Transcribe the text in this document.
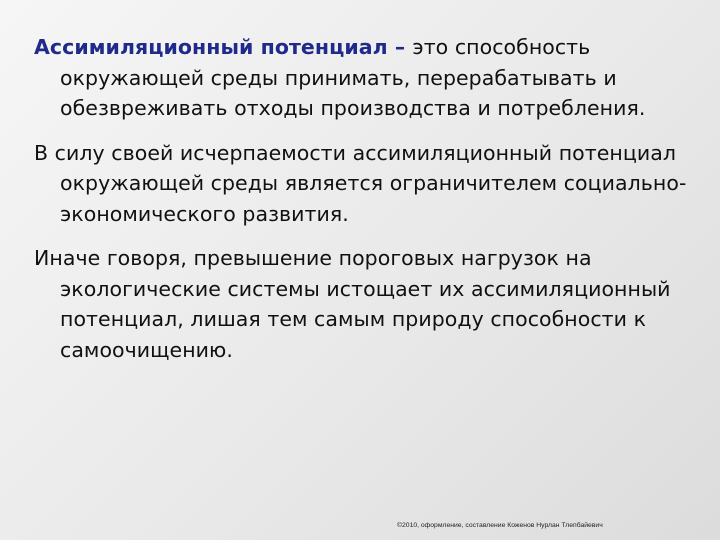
Ассимиляционный потенциал – это способность окружающей среды принимать, перерабатывать и обезвреживать отходы производства и потребления.

В силу своей исчерпаемости ассимиляционный потенциал окружающей среды является ограничителем социально-экономического развития.

Иначе говоря, превышение пороговых нагрузок на экологические системы истощает их ассимиляционный потенциал, лишая тем самым природу способности к самоочищению.

©2010, оформление, составление Коженов Нурлан Тлепбайевич
